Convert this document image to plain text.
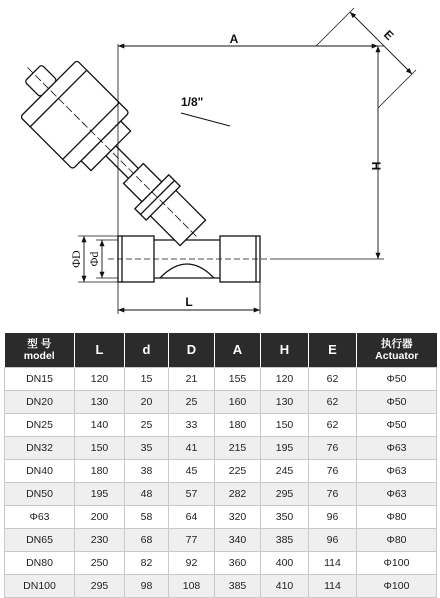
1/8"
A
H
E
L
ΦD Φd
型 号
model	L	d	D	A	H	E	执行器
Actuator

DN15	120	15	21	155	120	62	Φ50
DN20	130	20	25	160	130	62	Φ50
DN25	140	25	33	180	150	62	Φ50
DN32	150	35	41	215	195	76	Φ63
DN40	180	38	45	225	245	76	Φ63
DN50	195	48	57	282	295	76	Φ63
Φ63	200	58	64	320	350	96	Φ80
DN65	230	68	77	340	385	96	Φ80
DN80	250	82	92	360	400	114	Φ100
DN100	295	98	108	385	410	114	Φ100
